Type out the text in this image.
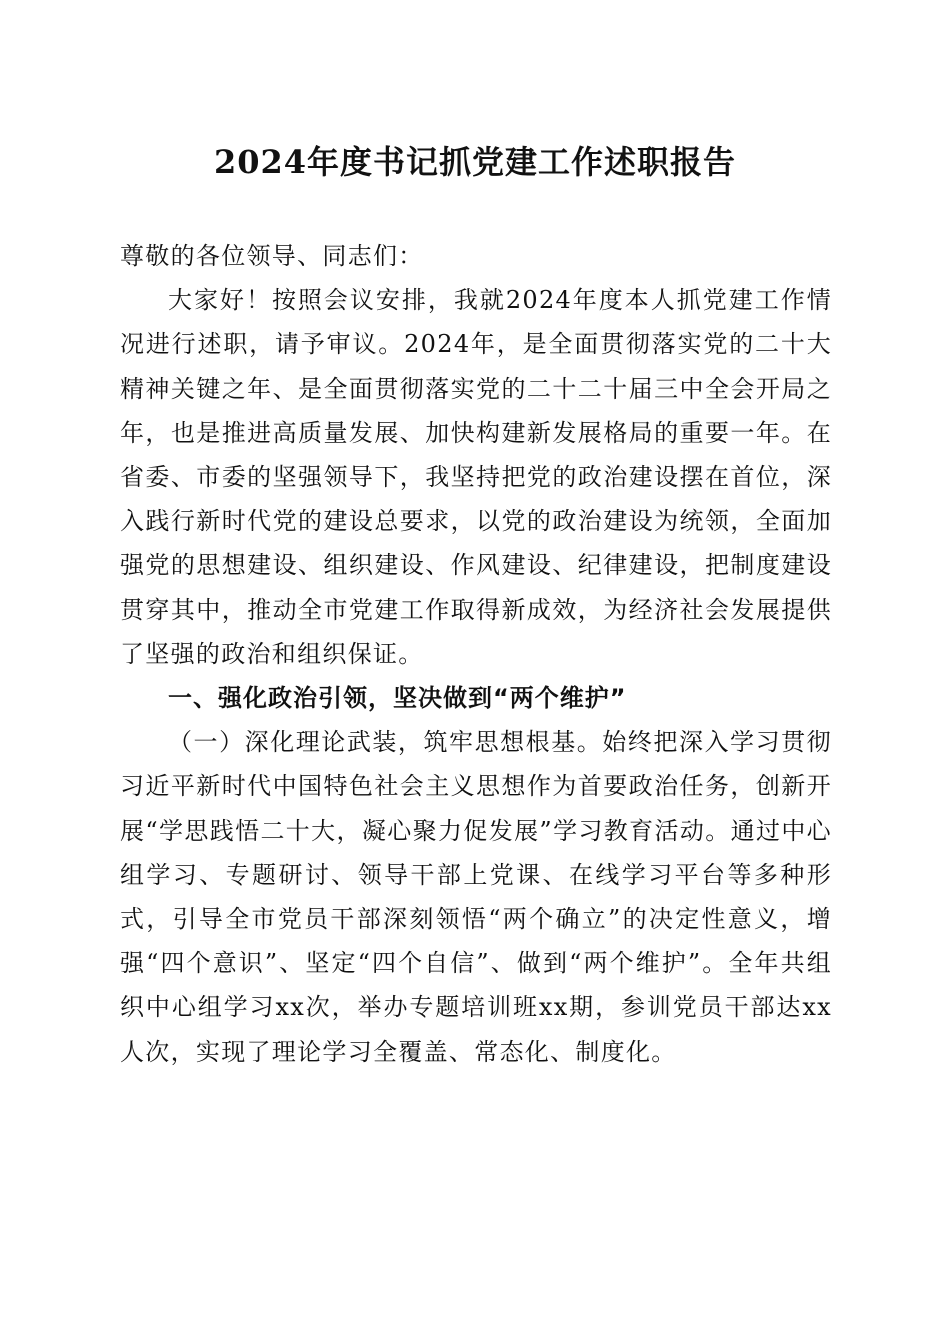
2024年度书记抓党建工作述职报告

尊敬的各位领导、同志们：

大家好！按照会议安排，我就2024年度本人抓党建工作情况进行述职，请予审议。2024年，是全面贯彻落实党的二十大精神关键之年、是全面贯彻落实党的二十二十届三中全会开局之年，也是推进高质量发展、加快构建新发展格局的重要一年。在省委、市委的坚强领导下，我坚持把党的政治建设摆在首位，深入践行新时代党的建设总要求，以党的政治建设为统领，全面加强党的思想建设、组织建设、作风建设、纪律建设，把制度建设贯穿其中，推动全市党建工作取得新成效，为经济社会发展提供了坚强的政治和组织保证。

一、强化政治引领，坚决做到“两个维护”

（一）深化理论武装，筑牢思想根基。始终把深入学习贯彻习近平新时代中国特色社会主义思想作为首要政治任务，创新开展“学思践悟二十大，凝心聚力促发展”学习教育活动。通过中心组学习、专题研讨、领导干部上党课、在线学习平台等多种形式，引导全市党员干部深刻领悟“两个确立”的决定性意义，增强“四个意识”、坚定“四个自信”、做到“两个维护”。全年共组织中心组学习xx次，举办专题培训班xx期，参训党员干部达xx人次，实现了理论学习全覆盖、常态化、制度化。
